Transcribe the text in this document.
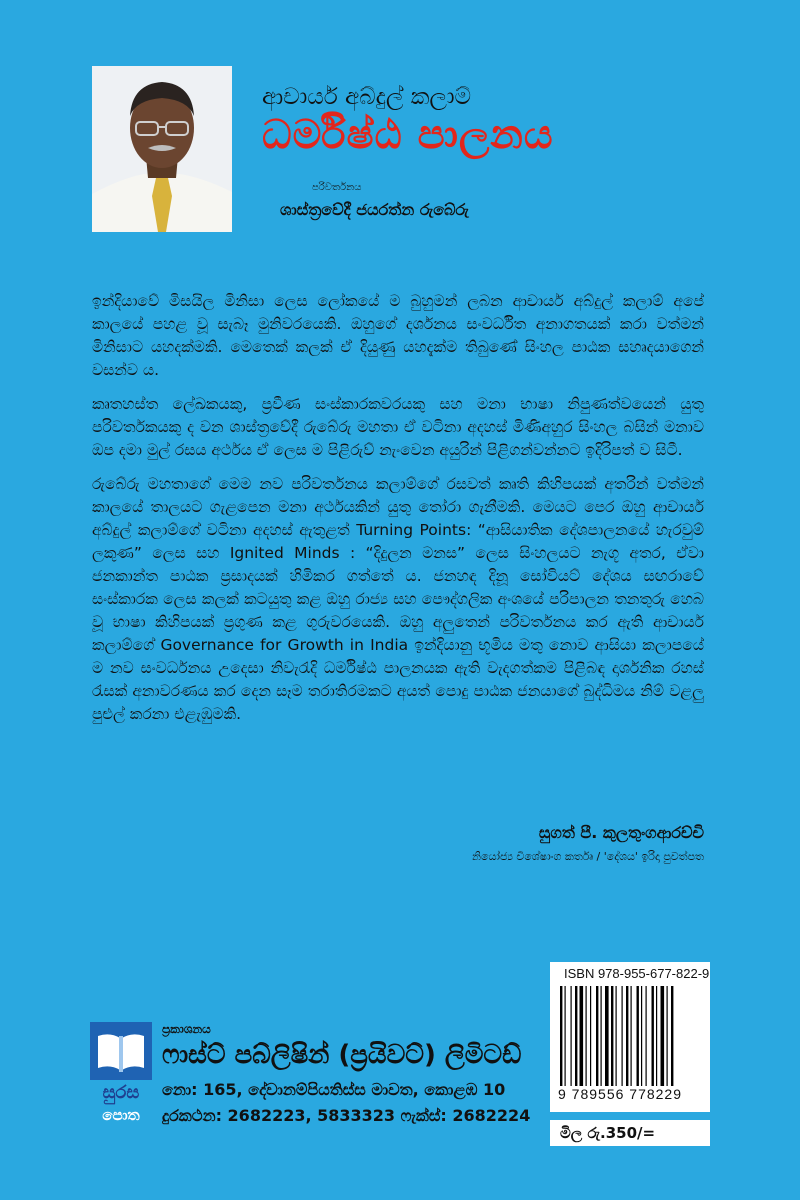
ආචාර්ය අබ්දුල් කලාම්
ධර්මිෂ්ඨ පාලනය
පරිවර්තනය
ශාස්ත්‍රවේදී ජයරත්න රුබේරු

ඉන්දියාවේ මිසයිල මිනිසා ලෙස ලෝකයේ ම බුහුමන් ලබන ආචාර්ය අබ්දුල් කලාම් අපේ කාලයේ පහළ වූ සැබෑ මුනිවරයෙකි. ඔහුගේ දර්ශනය සංවර්ධිත අනාගතයක් කරා වත්මන් මිනිසාට යහදක්මකි. මෙතෙක් කලක් ඒ දියුණු යහදැක්ම තිබුණේ සිංහල පාඨක සහෘදයාගෙන් වසන්ව ය.

කෘතහස්ත ලේඛකයකු, ප්‍රවීණ සංස්කාරකවරයකු සහ මනා භාෂා නිපුණත්වයෙන් යුතු පරිවර්තකයකු ද වන ශාස්ත්‍රවේදී රුබේරු මහතා ඒ වටිනා අදහස් මිණිඅහුර සිංහල බසින් මනාව ඔප දමා මුල් රසය අර්ථය ඒ ලෙස ම පිළිරුව් නැංවෙන අයුරින් පිළිගන්වන්නට ඉදිරිපත් ව සිටී.

රුබේරු මහතාගේ මෙම නව පරිවර්තනය කලාම්ගේ රසවත් කෘති කිහිපයක් අතරින් වත්මන් කාලයේ තාලයට ගැළපෙන මනා අර්ථයකින් යුතු තෝරා ගැනීමකි. මෙයට පෙර ඔහු ආචාර්ය අබ්දුල් කලාම්ගේ වටිනා අදහස් ඇතුළත් Turning Points: “ආසියාතික දේශපාලනයේ හැරවුම් ලකුණ” ලෙස සහ Ignited Minds : “දිදුලන මනස” ලෙස සිංහලයට නැගූ අතර, ඒවා ජනකාන්ත පාඨක ප්‍රසාදයක් හිමිකර ගත්තේ ය. ජනහඳ දිනූ සෝවියට් දේශය සඟරාවේ සංස්කාරක ලෙස කලක් කටයුතු කළ ඔහු රාජ්‍ය සහ පෞද්ගලික අංශයේ පරිපාලන තනතුරු හෙබ වූ භාෂා කිහිපයක් ප්‍රගුණ කළ ගුරුවරයෙකි. ඔහු අලුතෙන් පරිවර්තනය කර ඇති ආචාර්ය කලාම්ගේ Governance for Growth in India ඉන්දියානු භූමිය මතු නොව ආසියා කලාපයේ ම නව සංවර්ධනය උදෙසා නිවැරැදි ධර්මිෂ්ඨ පාලනයක ඇති වැදගත්කම පිළිබඳ දාර්ශනික රහස් රැසක් අනාවරණය කර දෙන සෑම තරාතිරමකට අයත් පොදු පාඨක ජනයාගේ බුද්ධිමය නිම් වළලු පුළුල් කරනා එළැඹුමකි.

සුගත් පී. කුලතුංගආරච්චි
නියෝජ්‍ය විශේෂාංග කර්තෘ / 'දේශය' ඉරිදා පුවත්පත
ISBN 978-955-677-822-9
9 789556 778229
මිල රු.350/=
සුරස
පොත
ප්‍රකාශනය
ෆාස්ට් පබ්ලිෂින් (ප්‍රයිවට්) ලිමිටඩ්
නො: 165, දේවානම්පියතිස්ස මාවත, කොළඹ 10
දුරකථන: 2682223, 5833323 ෆැක්ස්: 2682224
